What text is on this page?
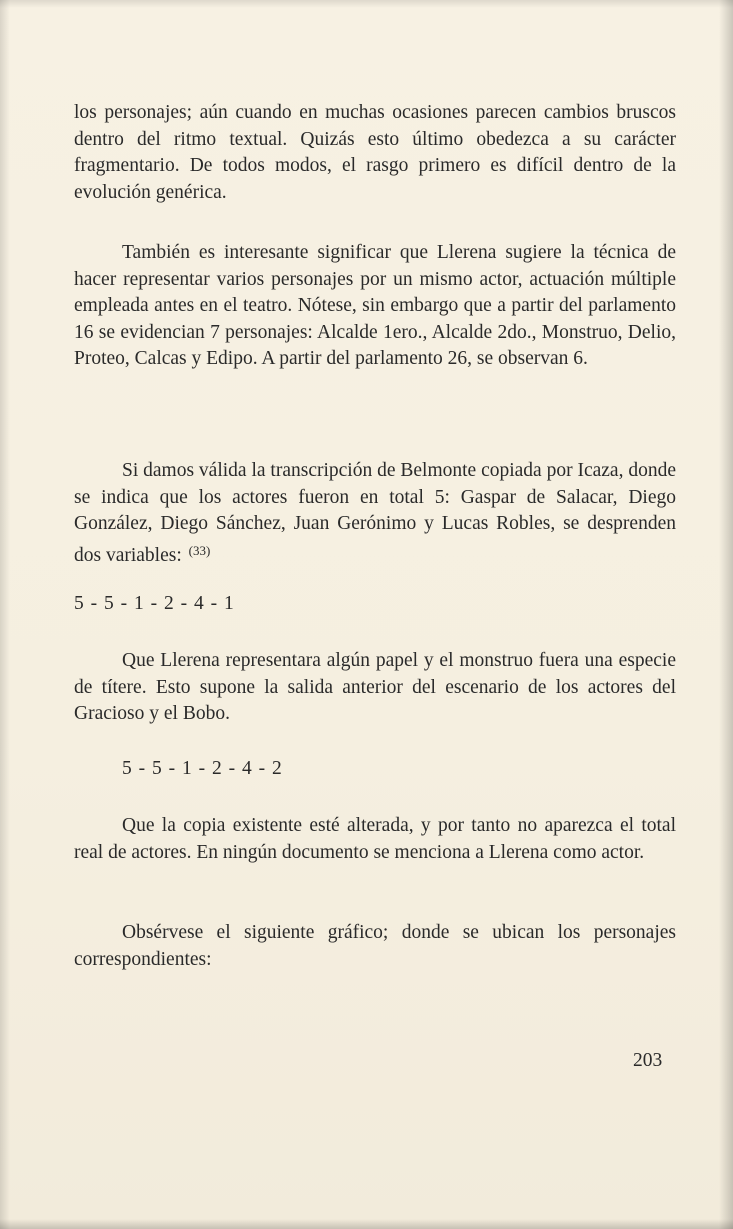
los personajes; aún cuando en muchas ocasiones parecen cambios bruscos dentro del ritmo textual. Quizás esto último obedezca a su carácter fragmentario. De todos modos, el rasgo primero es difícil dentro de la evolución genérica.

También es interesante significar que Llerena sugiere la técnica de hacer representar varios personajes por un mismo actor, actuación múltiple empleada antes en el teatro. Nótese, sin embargo que a partir del parlamento 16 se evidencian 7 personajes: Alcalde 1ero., Alcalde 2do., Monstruo, Delio, Proteo, Calcas y Edipo. A partir del parlamento 26, se observan 6.

Si damos válida la transcripción de Belmonte copiada por Icaza, donde se indica que los actores fueron en total 5: Gaspar de Salacar, Diego González, Diego Sánchez, Juan Gerónimo y Lucas Robles, se desprenden dos variables: $^{(33)}$

5 - 5 - 1 - 2 - 4 - 1

Que Llerena representara algún papel y el monstruo fuera una especie de títere. Esto supone la salida anterior del escenario de los actores del Gracioso y el Bobo.

5 - 5 - 1 - 2 - 4 - 2

Que la copia existente esté alterada, y por tanto no aparezca el total real de actores. En ningún documento se menciona a Llerena como actor.

Obsérvese el siguiente gráfico; donde se ubican los personajes correspondientes:

203
